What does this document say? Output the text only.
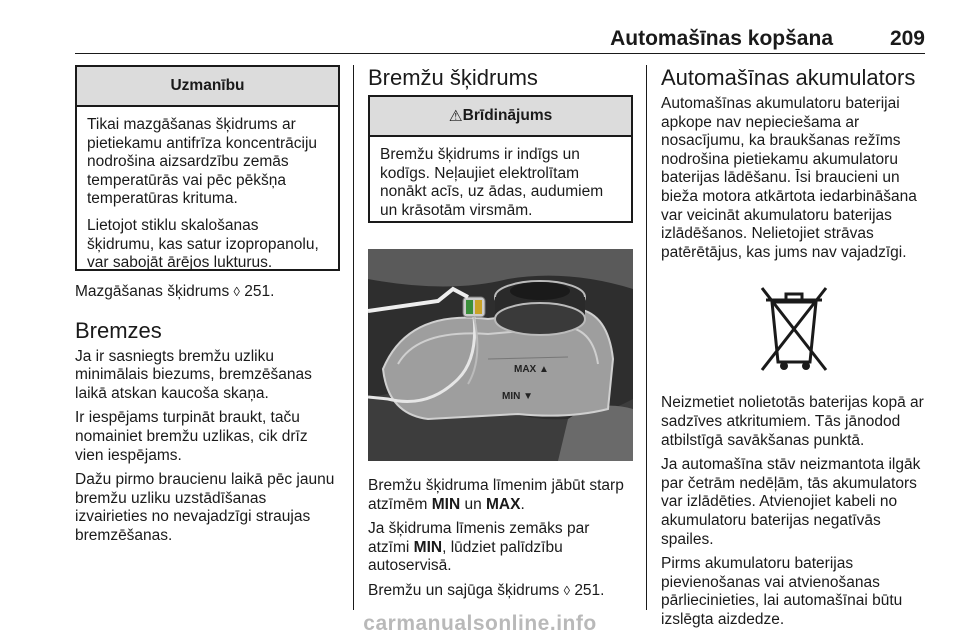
Automašīnas kopšana	209
Uzmanību

Tikai mazgāšanas šķidrums ar pietiekamu antifrīza koncentrāciju nodrošina aizsardzību zemās temperatūrās vai pēc pēkšņa temperatūras krituma.

Lietojot stiklu skalošanas šķidrumu, kas satur izopropanolu, var sabojāt ārējos lukturus.

Mazgāšanas šķidrums ◊ 251.

Bremzes

Ja ir sasniegts bremžu uzliku minimālais biezums, bremzēšanas laikā atskan kaucoša skaņa.

Ir iespējams turpināt braukt, taču nomainiet bremžu uzlikas, cik drīz vien iespējams.

Dažu pirmo braucienu laikā pēc jaunu bremžu uzliku uzstādīšanas izvairieties no nevajadzīgi straujas bremzēšanas.

Bremžu šķidrums
⚠ Brīdinājums

Bremžu šķidrums ir indīgs un kodīgs. Neļaujiet elektrolītam nonākt acīs, uz ādas, audumiem un krāsotām virsmām.

MAX ▲
MIN ▼

Bremžu šķidruma līmenim jābūt starp atzīmēm MIN un MAX.

Ja šķidruma līmenis zemāks par atzīmi MIN, lūdziet palīdzību autoservisā.

Bremžu un sajūga šķidrums ◊ 251.

Automašīnas akumulators

Automašīnas akumulatoru baterijai apkope nav nepieciešama ar nosacījumu, ka braukšanas režīms nodrošina pietiekamu akumulatoru baterijas lādēšanu. Īsi braucieni un bieža motora atkārtota iedarbināšana var veicināt akumulatoru baterijas izlādēšanos. Nelietojiet strāvas patērētājus, kas jums nav vajadzīgi.

Neizmetiet nolietotās baterijas kopā ar sadzīves atkritumiem. Tās jānodod atbilstīgā savākšanas punktā.

Ja automašīna stāv neizmantota ilgāk par četrām nedēļām, tās akumulators var izlādēties. Atvienojiet kabeli no akumulatoru baterijas negatīvās spailes.

Pirms akumulatoru baterijas pievienošanas vai atvienošanas pārliecinieties, lai automašīnai būtu izslēgta aizdedze.

carmanualsonline.info
